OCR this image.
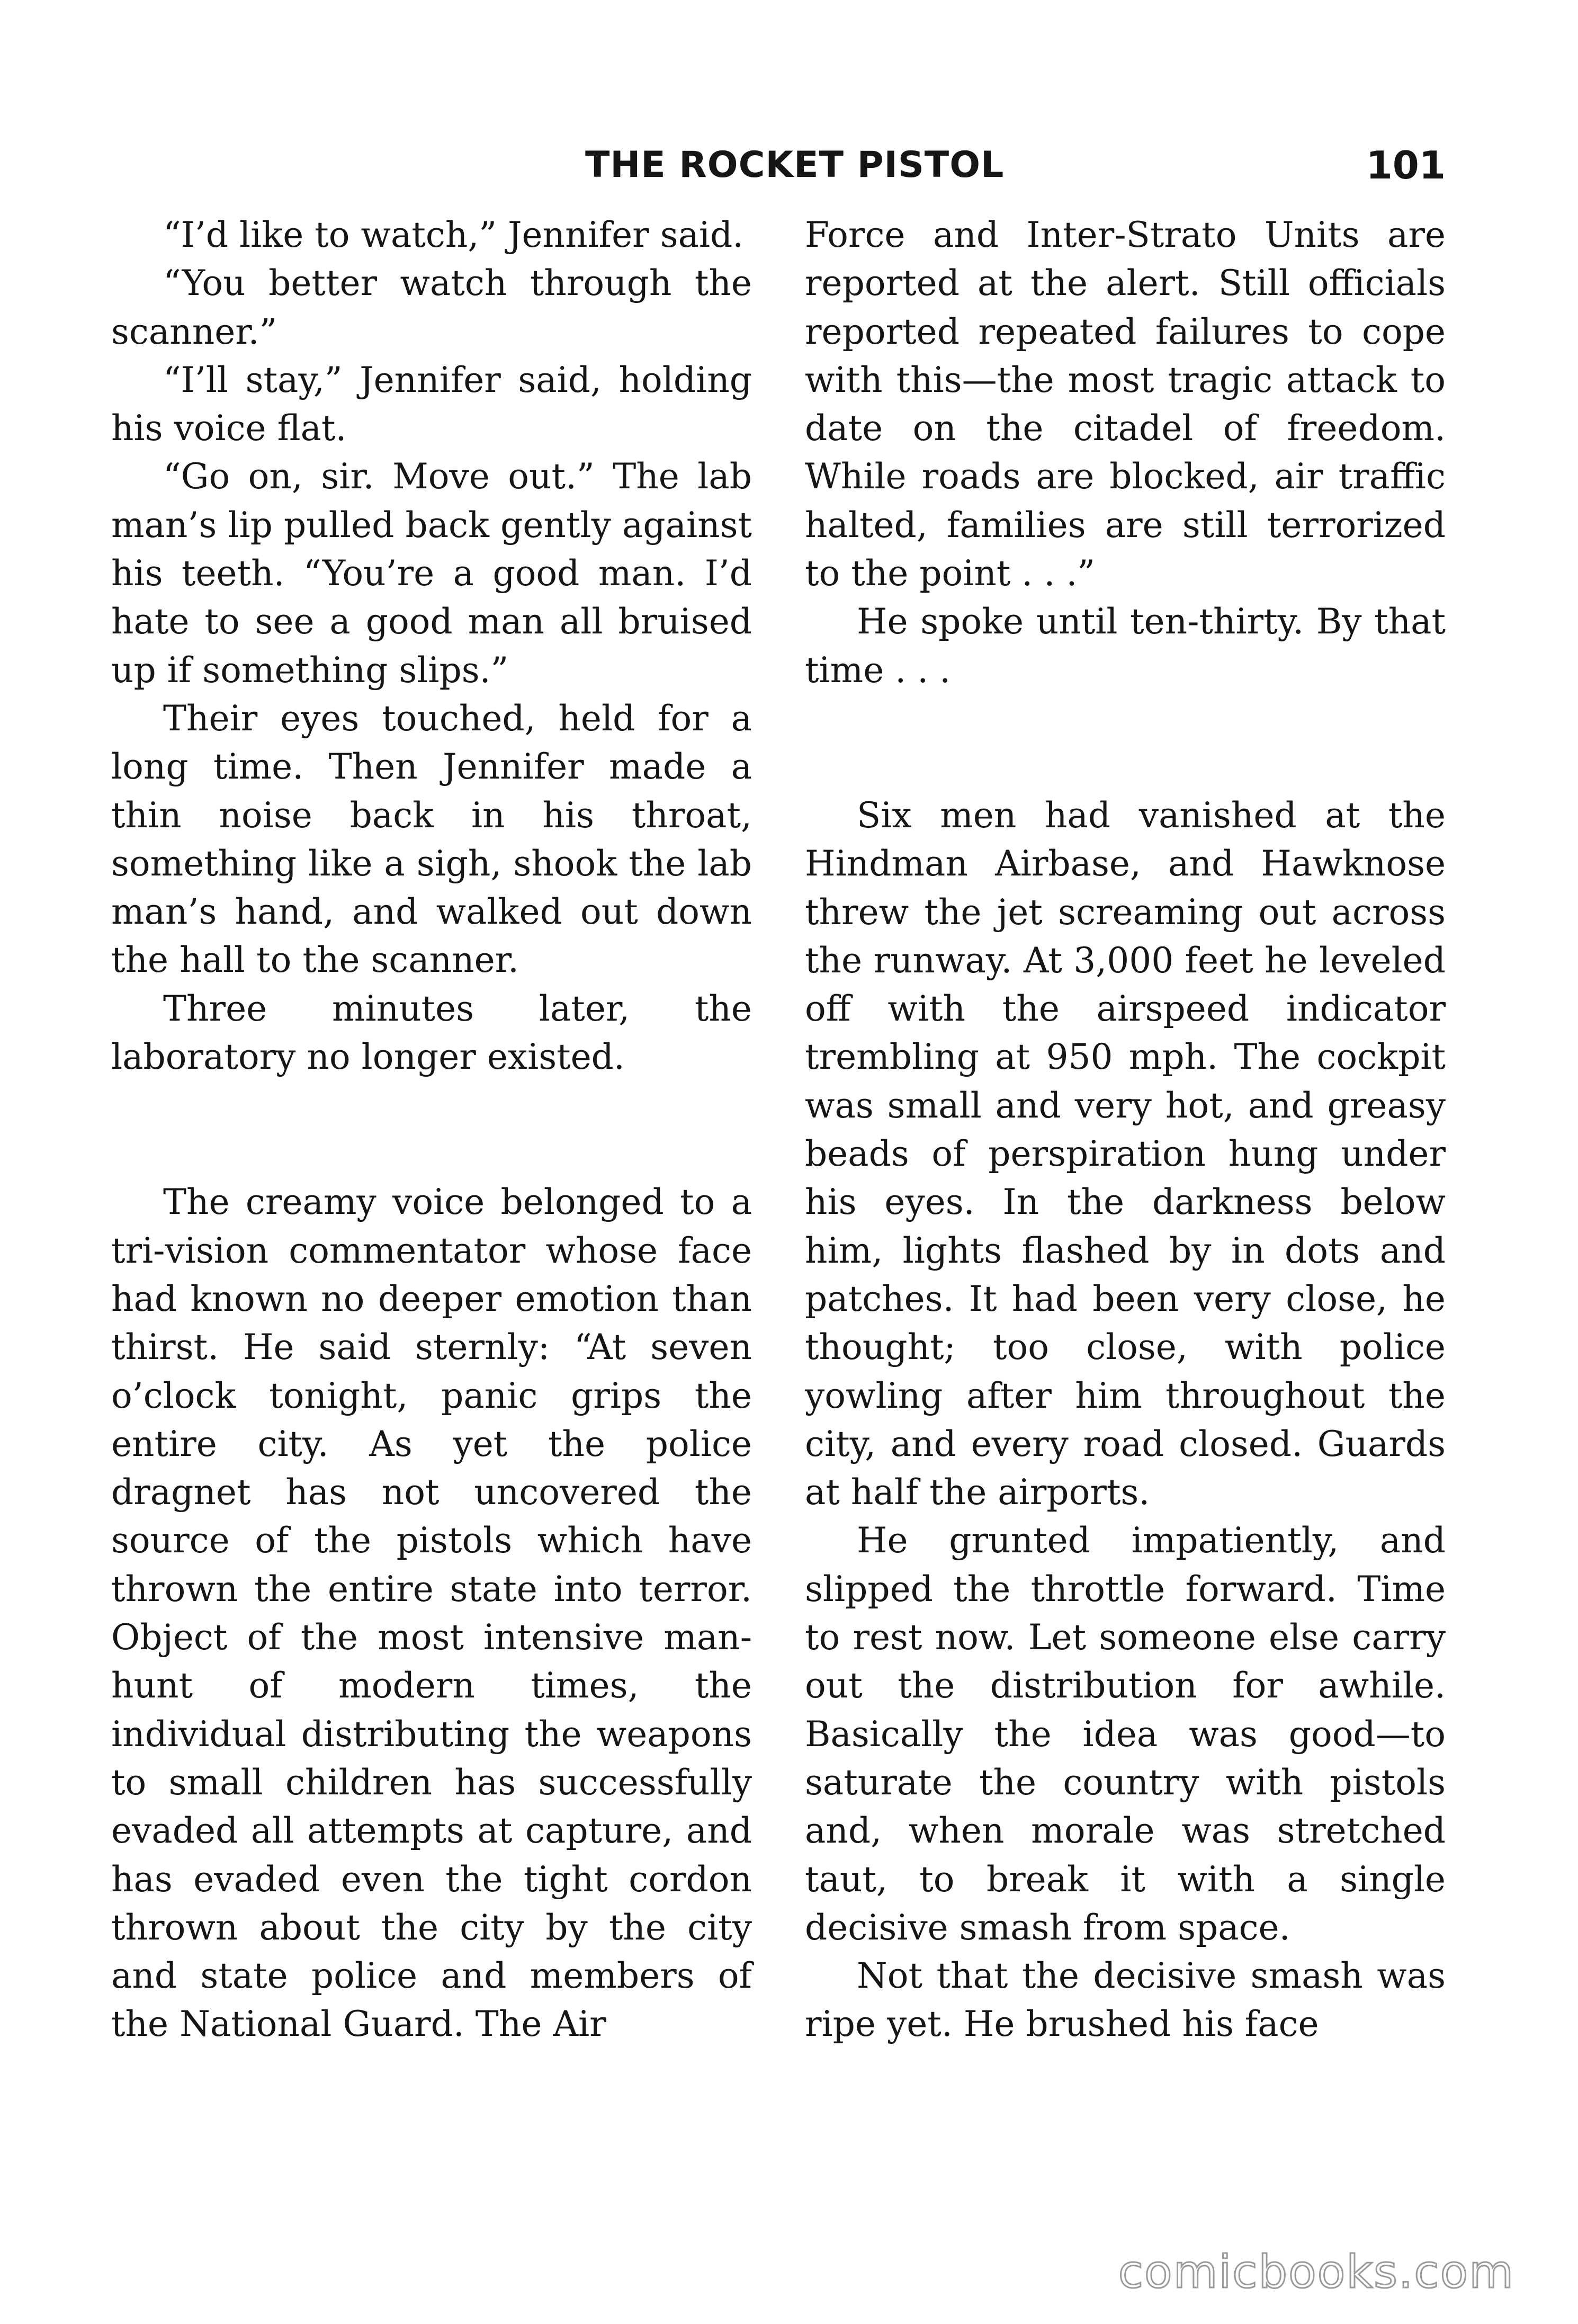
THE ROCKET PISTOL	101

“I’d like to watch,” Jennifer said.

“You better watch through the scanner.”

“I’ll stay,” Jennifer said, holding his voice flat.

“Go on, sir. Move out.” The lab man’s lip pulled back gently against his teeth. “You’re a good man. I’d hate to see a good man all bruised up if something slips.”

Their eyes touched, held for a long time. Then Jennifer made a thin noise back in his throat, something like a sigh, shook the lab man’s hand, and walked out down the hall to the scanner.

Three minutes later, the laboratory no longer existed.

The creamy voice belonged to a tri-vision commentator whose face had known no deeper emotion than thirst. He said sternly: “At seven o’clock tonight, panic grips the entire city. As yet the police dragnet has not uncovered the source of the pistols which have thrown the entire state into terror. Object of the most intensive man-hunt of modern times, the individual distributing the weapons to small children has successfully evaded all attempts at capture, and has evaded even the tight cordon thrown about the city by the city and state police and members of the National Guard. The Air

Force and Inter-Strato Units are reported at the alert. Still officials reported repeated failures to cope with this—the most tragic attack to date on the citadel of freedom. While roads are blocked, air traffic halted, families are still terrorized to the point . . .”

He spoke until ten-thirty. By that time . . .

Six men had vanished at the Hindman Airbase, and Hawknose threw the jet screaming out across the runway. At 3,000 feet he leveled off with the airspeed indicator trembling at 950 mph. The cockpit was small and very hot, and greasy beads of perspiration hung under his eyes. In the darkness below him, lights flashed by in dots and patches. It had been very close, he thought; too close, with police yowling after him throughout the city, and every road closed. Guards at half the airports.

He grunted impatiently, and slipped the throttle forward. Time to rest now. Let someone else carry out the distribution for awhile. Basically the idea was good—to saturate the country with pistols and, when morale was stretched taut, to break it with a single decisive smash from space.

Not that the decisive smash was ripe yet. He brushed his face

comicbooks.com
